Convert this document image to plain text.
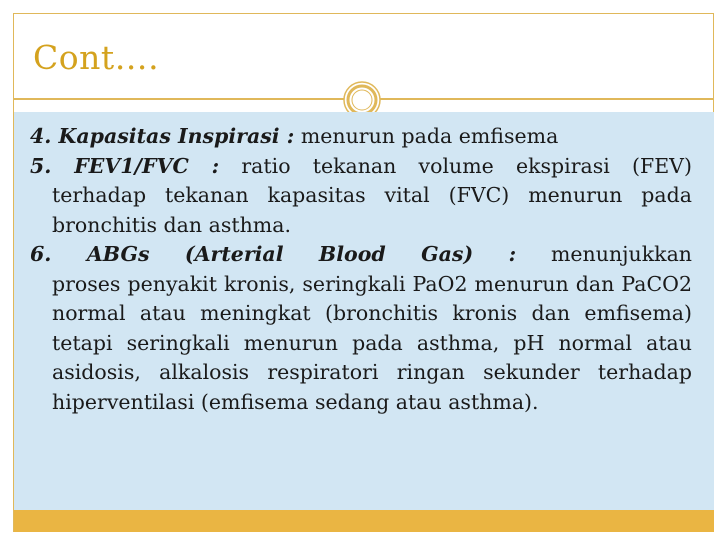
Cont….
4. Kapasitas Inspirasi : menurun pada emfisema
5. FEV1/FVC : ratio tekanan volume ekspirasi (FEV)
terhadap tekanan kapasitas vital (FVC) menurun pada bronchitis dan asthma.
6. ABGs (Arterial Blood Gas) : menunjukkan
proses penyakit kronis, seringkali PaO2 menurun dan PaCO2 normal atau meningkat (bronchitis kronis dan emfisema) tetapi seringkali menurun pada asthma, pH normal atau asidosis, alkalosis respiratori ringan sekunder terhadap hiperventilasi (emfisema sedang atau asthma).
